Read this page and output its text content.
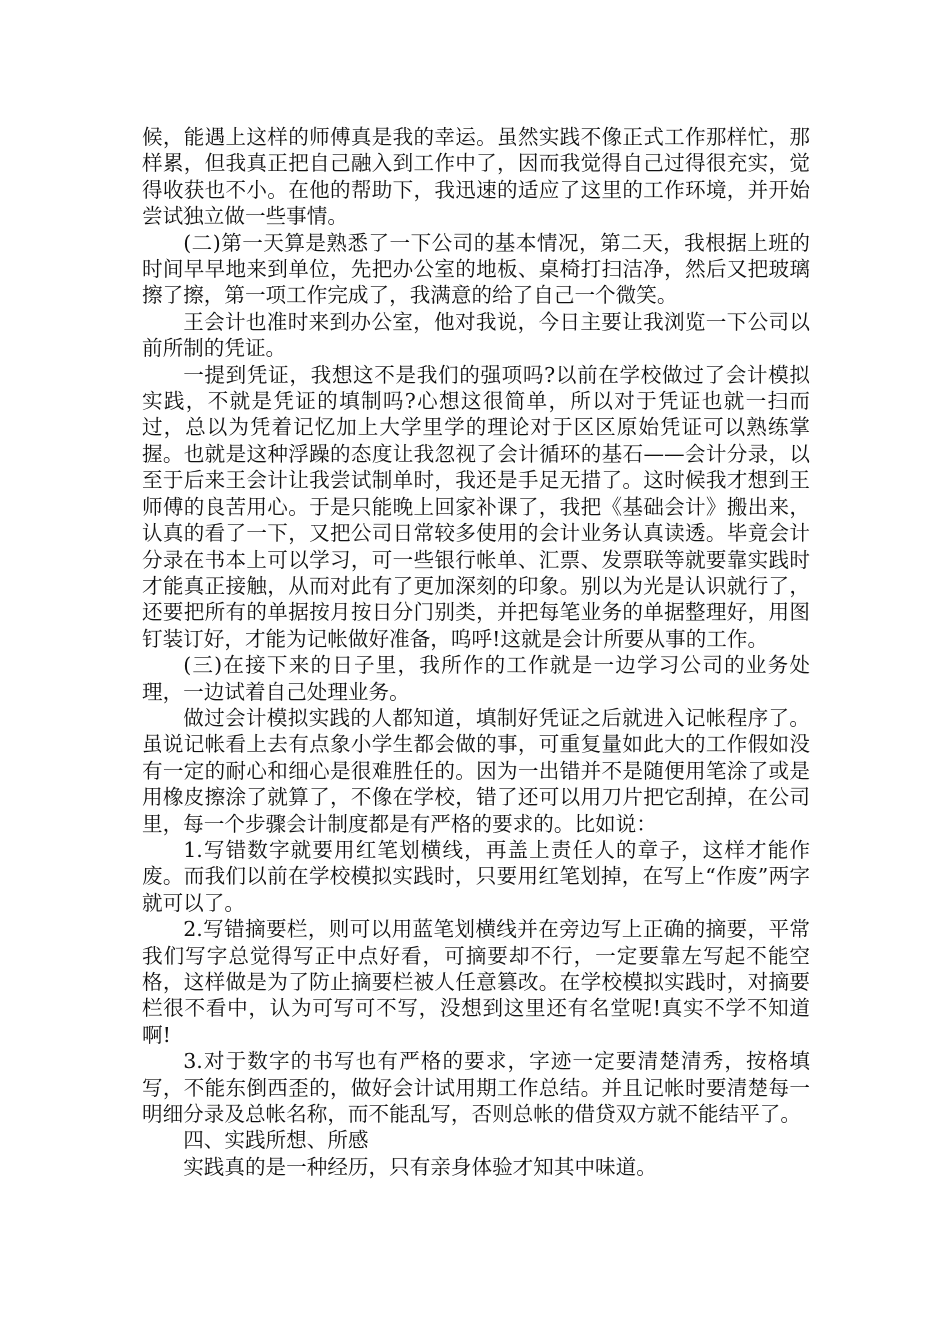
候，能遇上这样的师傅真是我的幸运。虽然实践不像正式工作那样忙，那样累，但我真正把自己融入到工作中了，因而我觉得自己过得很充实，觉得收获也不小。在他的帮助下，我迅速的适应了这里的工作环境，并开始尝试独立做一些事情。

(二)第一天算是熟悉了一下公司的基本情况，第二天，我根据上班的时间早早地来到单位，先把办公室的地板、桌椅打扫洁净，然后又把玻璃擦了擦，第一项工作完成了，我满意的给了自己一个微笑。

王会计也准时来到办公室，他对我说，今日主要让我浏览一下公司以前所制的凭证。

一提到凭证，我想这不是我们的强项吗?以前在学校做过了会计模拟实践，不就是凭证的填制吗?心想这很简单，所以对于凭证也就一扫而过，总以为凭着记忆加上大学里学的理论对于区区原始凭证可以熟练掌握。也就是这种浮躁的态度让我忽视了会计循环的基石——会计分录，以至于后来王会计让我尝试制单时，我还是手足无措了。这时候我才想到王师傅的良苦用心。于是只能晚上回家补课了，我把《基础会计》搬出来，认真的看了一下，又把公司日常较多使用的会计业务认真读透。毕竟会计分录在书本上可以学习，可一些银行帐单、汇票、发票联等就要靠实践时才能真正接触，从而对此有了更加深刻的印象。别以为光是认识就行了，还要把所有的单据按月按日分门别类，并把每笔业务的单据整理好，用图钉装订好，才能为记帐做好准备，呜呼!这就是会计所要从事的工作。

(三)在接下来的日子里，我所作的工作就是一边学习公司的业务处理，一边试着自己处理业务。

做过会计模拟实践的人都知道，填制好凭证之后就进入记帐程序了。虽说记帐看上去有点象小学生都会做的事，可重复量如此大的工作假如没有一定的耐心和细心是很难胜任的。因为一出错并不是随便用笔涂了或是用橡皮擦涂了就算了，不像在学校，错了还可以用刀片把它刮掉，在公司里，每一个步骤会计制度都是有严格的要求的。比如说：

1.写错数字就要用红笔划横线，再盖上责任人的章子，这样才能作废。而我们以前在学校模拟实践时，只要用红笔划掉，在写上“作废”两字就可以了。

2.写错摘要栏，则可以用蓝笔划横线并在旁边写上正确的摘要，平常我们写字总觉得写正中点好看，可摘要却不行，一定要靠左写起不能空格，这样做是为了防止摘要栏被人任意篡改。在学校模拟实践时，对摘要栏很不看中，认为可写可不写，没想到这里还有名堂呢!真实不学不知道啊!

3.对于数字的书写也有严格的要求，字迹一定要清楚清秀，按格填写，不能东倒西歪的，做好会计试用期工作总结。并且记帐时要清楚每一明细分录及总帐名称，而不能乱写，否则总帐的借贷双方就不能结平了。

四、实践所想、所感

实践真的是一种经历，只有亲身体验才知其中味道。
